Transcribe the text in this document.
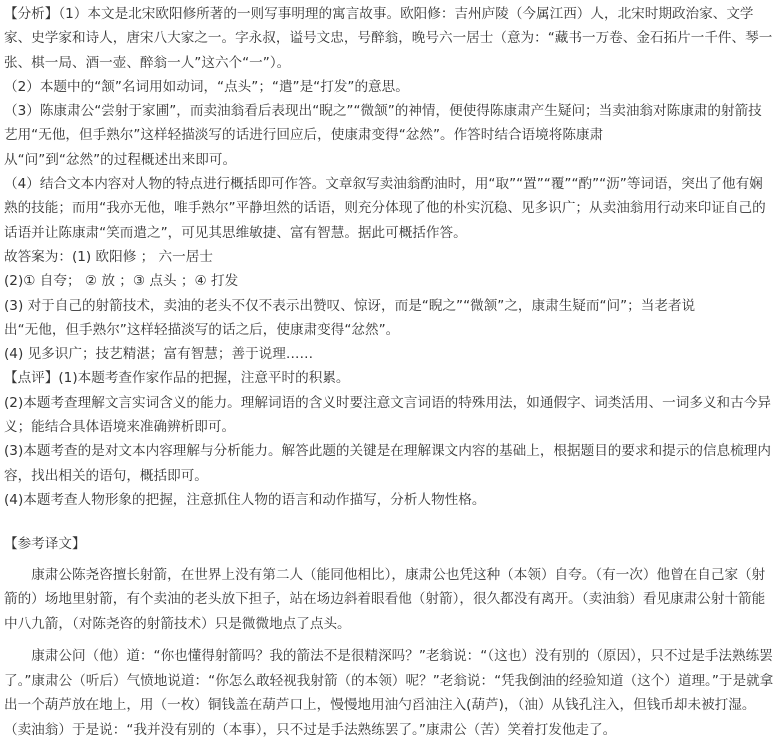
【分析】（1）本文是北宋欧阳修所著的一则写事明理的寓言故事。欧阳修：吉州庐陵（今属江西）人，北宋时期政治家、文学家、史学家和诗人，唐宋八大家之一。字永叔，谥号文忠，号醉翁，晚号六一居士（意为：“藏书一万卷、金石拓片一千件、琴一张、棋一局、酒一壶、醉翁一人”这六个“一”）。

（2）本题中的“颔”名词用如动词，“点头”；“遣”是“打发”的意思。

（3）陈康肃公“尝射于家圃”，而卖油翁看后表现出“睨之”“微颔”的神情，便使得陈康肃产生疑问；当卖油翁对陈康肃的射箭技艺用“无他，但手熟尔”这样轻描淡写的话进行回应后，使康肃变得“忿然”。作答时结合语境将陈康肃

从“问”到“忿然”的过程概述出来即可。

（4）结合文本内容对人物的特点进行概括即可作答。文章叙写卖油翁酌油时，用“取”“置”“覆”“酌”“沥”等词语，突出了他有娴熟的技能；而用“我亦无他，唯手熟尔”平静坦然的话语，则充分体现了他的朴实沉稳、见多识广；从卖油翁用行动来印证自己的话语并让陈康肃“笑而遣之”，可见其思维敏捷、富有智慧。据此可概括作答。

故答案为：(1) 欧阳修 ； 六一居士

(2)① 自夸； ② 放 ；③ 点头 ；④ 打发

(3) 对于自己的射箭技术，卖油的老头不仅不表示出赞叹、惊讶，而是“睨之”“微颔”之，康肃生疑而“问”；当老者说

出“无他，但手熟尔”这样轻描淡写的话之后，使康肃变得“忿然”。

(4) 见多识广；技艺精湛；富有智慧；善于说理……

【点评】(1)本题考查作家作品的把握，注意平时的积累。

(2)本题考查理解文言实词含义的能力。理解词语的含义时要注意文言词语的特殊用法，如通假字、词类活用、一词多义和古今异义；能结合具体语境来准确辨析即可。

(3)本题考查的是对文本内容理解与分析能力。解答此题的关键是在理解课文内容的基础上，根据题目的要求和提示的信息梳理内容，找出相关的语句，概括即可。

(4)本题考查人物形象的把握，注意抓住人物的语言和动作描写，分析人物性格。

【参考译文】

康肃公陈尧咨擅长射箭，在世界上没有第二人（能同他相比），康肃公也凭这种（本领）自夸。（有一次）他曾在自己家（射箭的）场地里射箭，有个卖油的老头放下担子，站在场边斜着眼看他（射箭），很久都没有离开。（卖油翁）看见康肃公射十箭能中八九箭，（对陈尧咨的射箭技术）只是微微地点了点头。

康肃公问（他）道：“你也懂得射箭吗？我的箭法不是很精深吗？”老翁说：“（这也）没有别的（原因），只不过是手法熟练罢了。”康肃公（听后）气愤地说道：“你怎么敢轻视我射箭（的本领）呢？”老翁说：“凭我倒油的经验知道（这个）道理。”于是就拿出一个葫芦放在地上，用（一枚）铜钱盖在葫芦口上，慢慢地用油勺舀油注入(葫芦)，（油）从钱孔注入，但钱币却未被打湿。（卖油翁）于是说：“我并没有别的（本事），只不过是手法熟练罢了。”康肃公（苦）笑着打发他走了。
